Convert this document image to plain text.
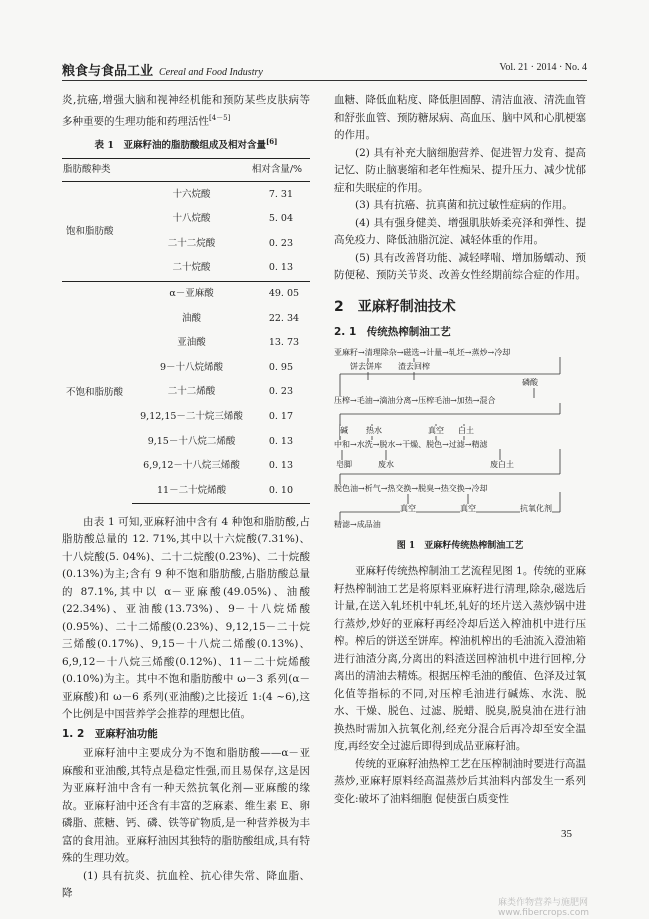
粮食与食品工业 Cereal and Food Industry	Vol. 21 · 2014 · No. 4

炎,抗癌,增强大脑和视神经机能和预防某些皮肤病等多种重要的生理功能和药理活性[4－5]

表 1　亚麻籽油的脂肪酸组成及相对含量[6]
脂肪酸种类		相对含量/%
饱和脂肪酸	十六烷酸	7. 31
	十八烷酸	5. 04
	二十二烷酸	0. 23
	二十烷酸	0. 13
不饱和脂肪酸	α－亚麻酸	49. 05
	油酸	22. 34
	亚油酸	13. 73
	9－十八烷烯酸	0. 95
	二十二烯酸	0. 23
	9,12,15－二十烷三烯酸	0. 17
	9,15－十八烷二烯酸	0. 13
	6,9,12－十八烷三烯酸	0. 13
	11－二十烷烯酸	0. 10

由表 1 可知,亚麻籽油中含有 4 种饱和脂肪酸,占脂肪酸总量的 12. 71%,其中以十六烷酸(7.31%)、十八烷酸(5. 04%)、二十二烷酸(0.23%)、二十烷酸(0.13%)为主;含有 9 种不饱和脂肪酸,占脂肪酸总量的 87.1%,其中以 α－亚麻酸(49.05%)、油酸(22.34%)、亚油酸(13.73%)、9－十八烷烯酸(0.95%)、二十二烯酸(0.23%)、9,12,15－二十烷三烯酸(0.17%)、9,15－十八烷二烯酸(0.13%)、6,9,12－十八烷三烯酸(0.12%)、11－二十烷烯酸(0.10%)为主。其中不饱和脂肪酸中 ω－3 系列(α－亚麻酸)和 ω－6 系列(亚油酸)之比接近 1:(4 ~6),这个比例是中国营养学会推荐的理想比值。

1. 2　亚麻籽油功能

亚麻籽油中主要成分为不饱和脂肪酸——α－亚麻酸和亚油酸,其特点是稳定性强,而且易保存,这是因为亚麻籽油中含有一种天然抗氧化剂—亚麻酸的缘故。亚麻籽油中还含有丰富的芝麻素、维生素 E、卵磷脂、蔗糖、钙、磷、铁等矿物质,是一种营养极为丰富的食用油。亚麻籽油因其独特的脂肪酸组成,具有特殊的生理功效。

(1) 具有抗炎、抗血栓、抗心律失常、降血脂、降

血糖、降低血粘度、降低胆固醇、清洁血液、清洗血管和舒张血管、预防糖尿病、高血压、脑中风和心肌梗塞的作用。

(2) 具有补充大脑细胞营养、促进智力发育、提高记忆、防止脑裹缩和老年性痴呆、提升压力、减少忧郁症和失眠症的作用。

(3) 具有抗癌、抗真菌和抗过敏性症病的作用。

(4) 具有强身健美、增强肌肤娇柔亮泽和弹性、提高免疫力、降低油脂沉淀、减轻体重的作用。

(5) 具有改善肾功能、减轻哮喘、增加肠蠕动、预防便秘、预防关节炎、改善女性经期前综合症的作用。

2　亚麻籽制油技术
2. 1　传统热榨制油工艺
亚麻籽→清理除杂→磁选→计量→轧坯→蒸炒→冷却
饼去饼库 渣去回榨
磷酸
压榨→毛油→滴油分离→压榨毛油→加热→混合
碱 热水	真空 白土
中和→水洗→脱水→干燥、脱色→过滤→精滤
皂脚	废水	废白土
脱色油→析气→热交换→脱臭→热交换→冷却
真空	真空	抗氧化剂
精滤→成品油
图 1　亚麻籽传统热榨制油工艺

亚麻籽传统热榨制油工艺流程见图 1。传统的亚麻籽热榨制油工艺是将原料亚麻籽进行清理,除杂,磁选后计量,在送入轧坯机中轧坯,轧好的坯片送入蒸炒锅中进行蒸炒,炒好的亚麻籽再经冷却后送入榨油机中进行压榨。榨后的饼送至饼库。榨油机榨出的毛油流入澄油箱进行油渣分离,分离出的料渣送回榨油机中进行回榨,分离出的清油去精炼。根据压榨毛油的酸值、色泽及过氧化值等指标的不同,对压榨毛油进行碱炼、水洗、脱水、干燥、脱色、过滤、脱蜡、脱臭,脱臭油在进行油换热时需加入抗氧化剂,经充分混合后再冷却至安全温度,再经安全过滤后即得到成品亚麻籽油。

传统的亚麻籽油热榨工艺在压榨制油时要进行高温蒸炒,亚麻籽原料经高温蒸炒后其油料内部发生一系列变化:破坏了油料细胞 促使蛋白质变性

35
麻类作物营养与施肥网 www.fibercrops.com
